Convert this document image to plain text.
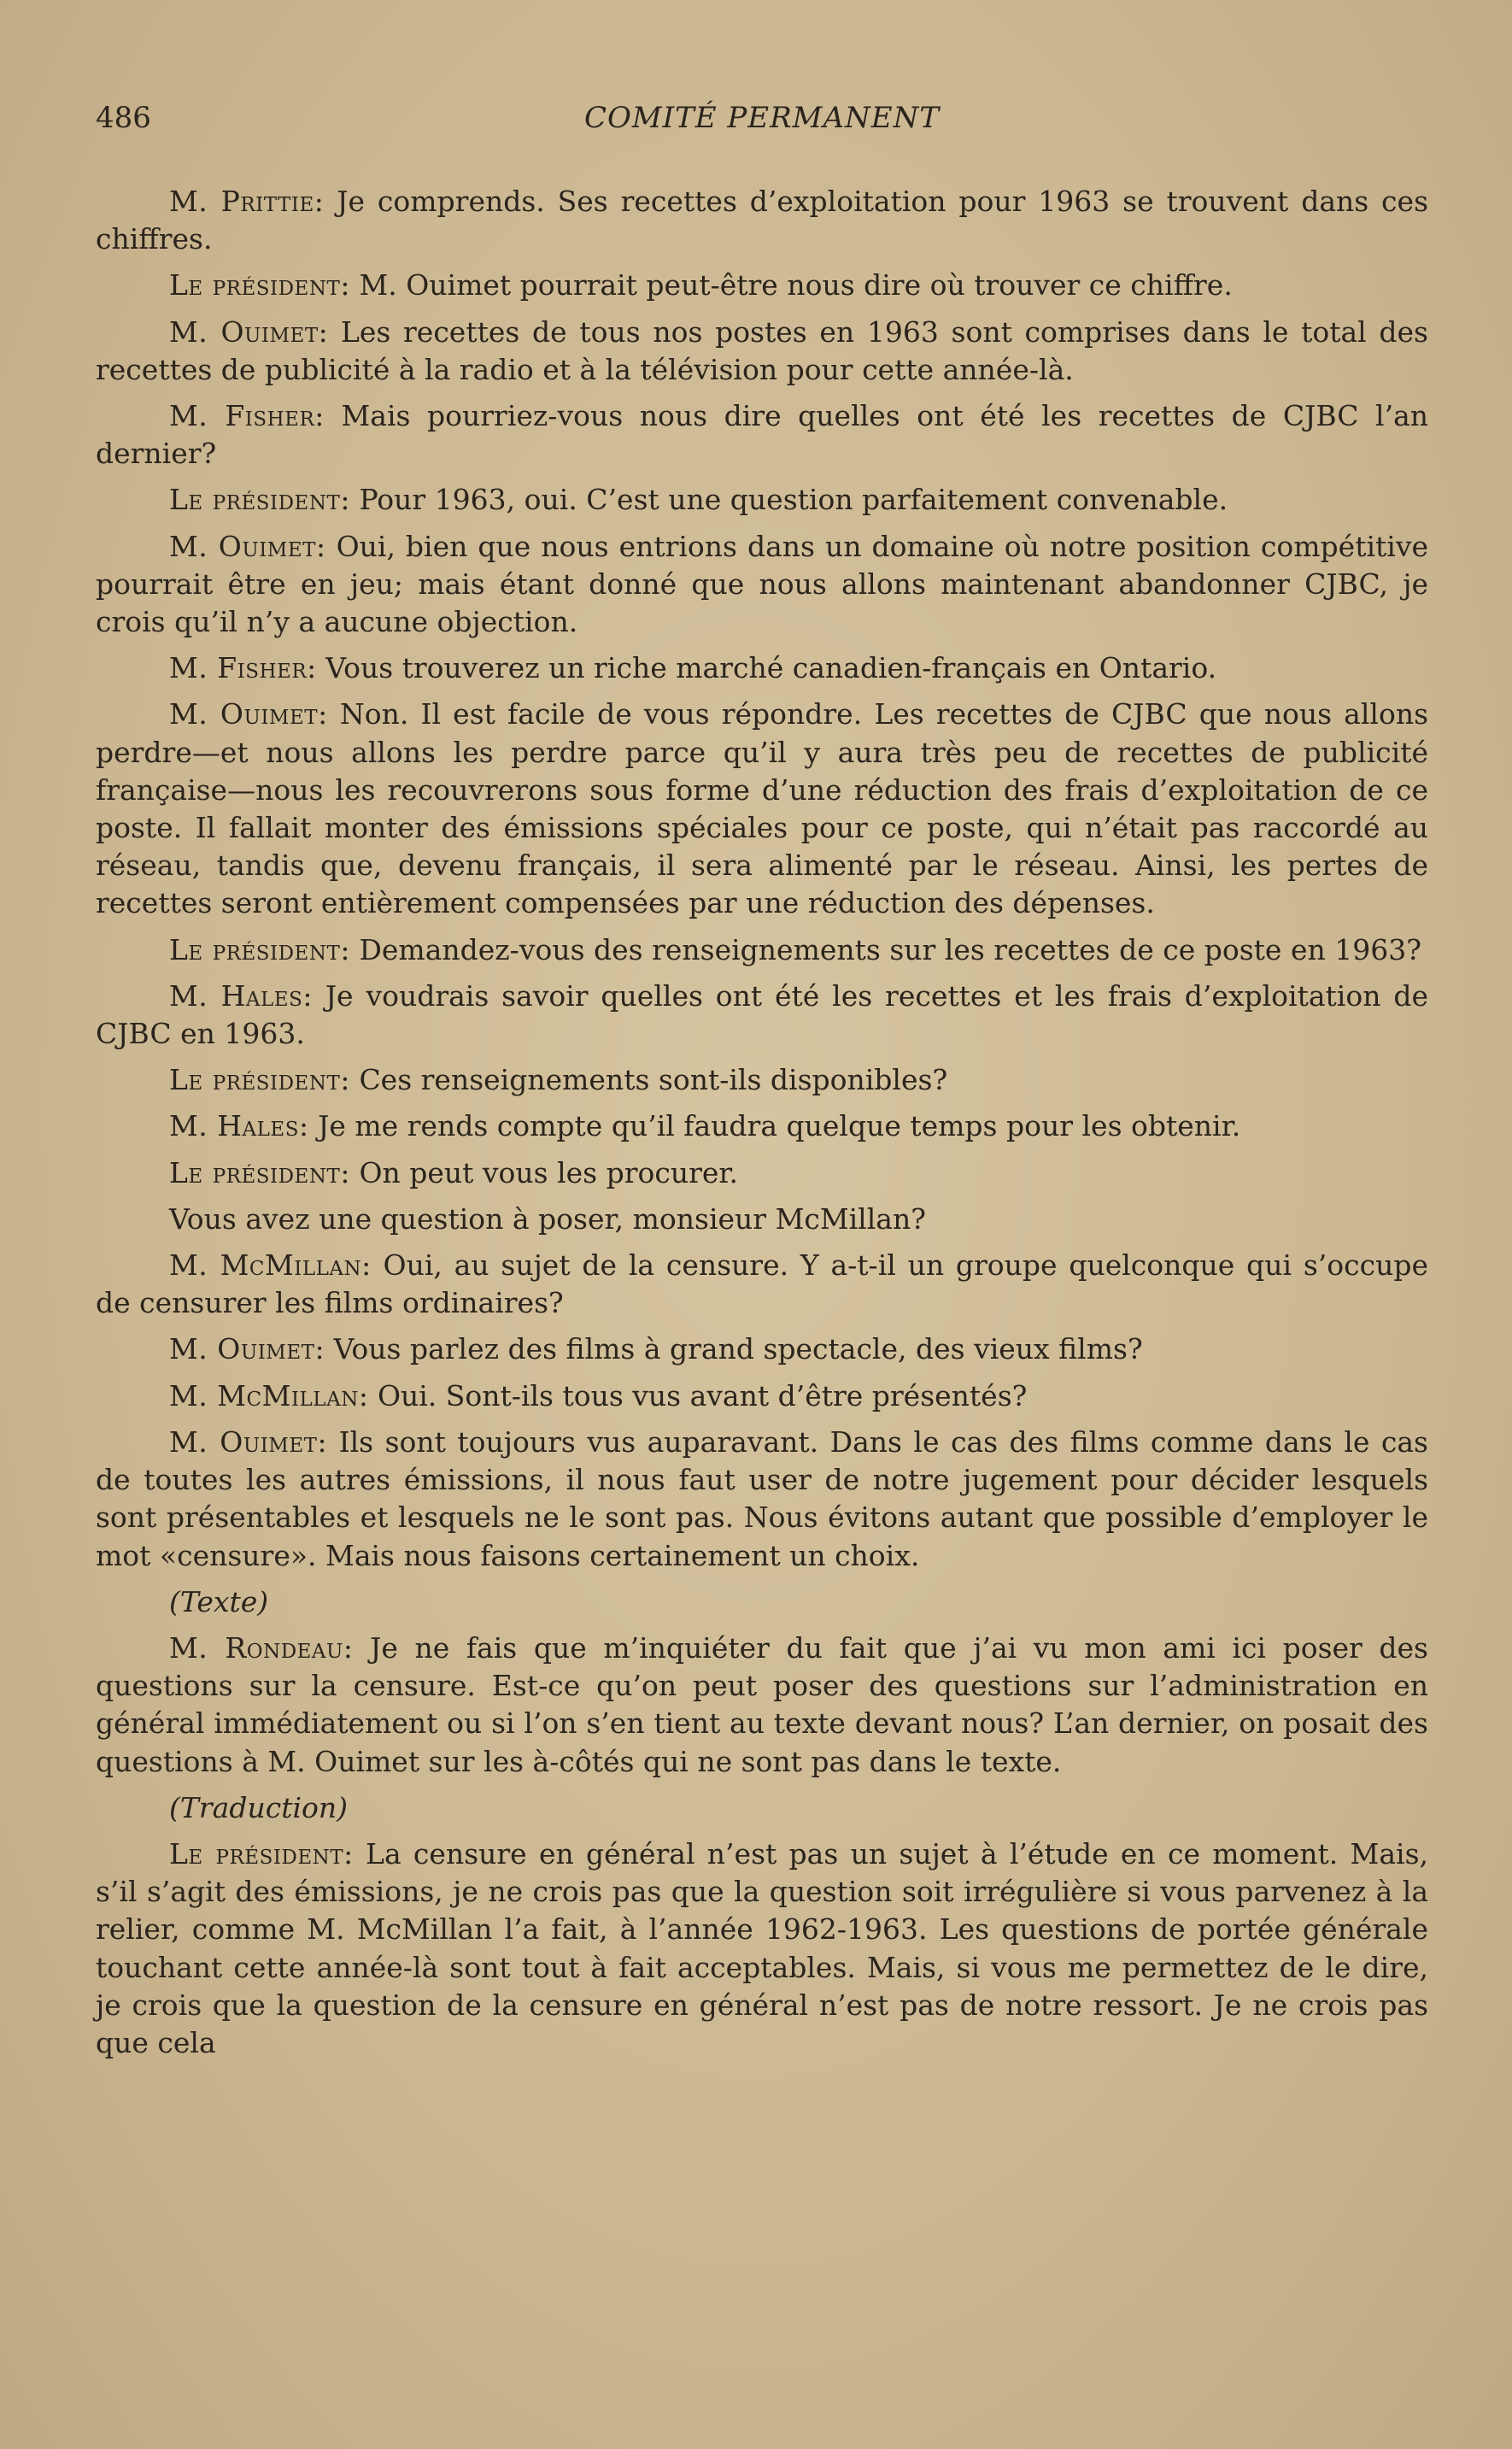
486	COMITÉ PERMANENT

M. Prittie: Je comprends. Ses recettes d’exploitation pour 1963 se trouvent dans ces chiffres.

Le président: M. Ouimet pourrait peut-être nous dire où trouver ce chiffre.

M. Ouimet: Les recettes de tous nos postes en 1963 sont comprises dans le total des recettes de publicité à la radio et à la télévision pour cette année-là.

M. Fisher: Mais pourriez-vous nous dire quelles ont été les recettes de CJBC l’an dernier?

Le président: Pour 1963, oui. C’est une question parfaitement convenable.

M. Ouimet: Oui, bien que nous entrions dans un domaine où notre position compétitive pourrait être en jeu; mais étant donné que nous allons maintenant abandonner CJBC, je crois qu’il n’y a aucune objection.

M. Fisher: Vous trouverez un riche marché canadien-français en Ontario.

M. Ouimet: Non. Il est facile de vous répondre. Les recettes de CJBC que nous allons perdre—et nous allons les perdre parce qu’il y aura très peu de recettes de publicité française—nous les recouvrerons sous forme d’une réduction des frais d’exploitation de ce poste. Il fallait monter des émissions spéciales pour ce poste, qui n’était pas raccordé au réseau, tandis que, devenu français, il sera alimenté par le réseau. Ainsi, les pertes de recettes seront entièrement compensées par une réduction des dépenses.

Le président: Demandez-vous des renseignements sur les recettes de ce poste en 1963?

M. Hales: Je voudrais savoir quelles ont été les recettes et les frais d’exploitation de CJBC en 1963.

Le président: Ces renseignements sont-ils disponibles?

M. Hales: Je me rends compte qu’il faudra quelque temps pour les obtenir.

Le président: On peut vous les procurer.

Vous avez une question à poser, monsieur McMillan?

M. McMillan: Oui, au sujet de la censure. Y a-t-il un groupe quelconque qui s’occupe de censurer les films ordinaires?

M. Ouimet: Vous parlez des films à grand spectacle, des vieux films?

M. McMillan: Oui. Sont-ils tous vus avant d’être présentés?

M. Ouimet: Ils sont toujours vus auparavant. Dans le cas des films comme dans le cas de toutes les autres émissions, il nous faut user de notre jugement pour décider lesquels sont présentables et lesquels ne le sont pas. Nous évitons autant que possible d’employer le mot «censure». Mais nous faisons certainement un choix.

(Texte)

M. Rondeau: Je ne fais que m’inquiéter du fait que j’ai vu mon ami ici poser des questions sur la censure. Est-ce qu’on peut poser des questions sur l’administration en général immédiatement ou si l’on s’en tient au texte devant nous? L’an dernier, on posait des questions à M. Ouimet sur les à-côtés qui ne sont pas dans le texte.

(Traduction)

Le président: La censure en général n’est pas un sujet à l’étude en ce moment. Mais, s’il s’agit des émissions, je ne crois pas que la question soit irrégulière si vous parvenez à la relier, comme M. McMillan l’a fait, à l’année 1962-1963. Les questions de portée générale touchant cette année-là sont tout à fait acceptables. Mais, si vous me permettez de le dire, je crois que la question de la censure en général n’est pas de notre ressort. Je ne crois pas que cela
